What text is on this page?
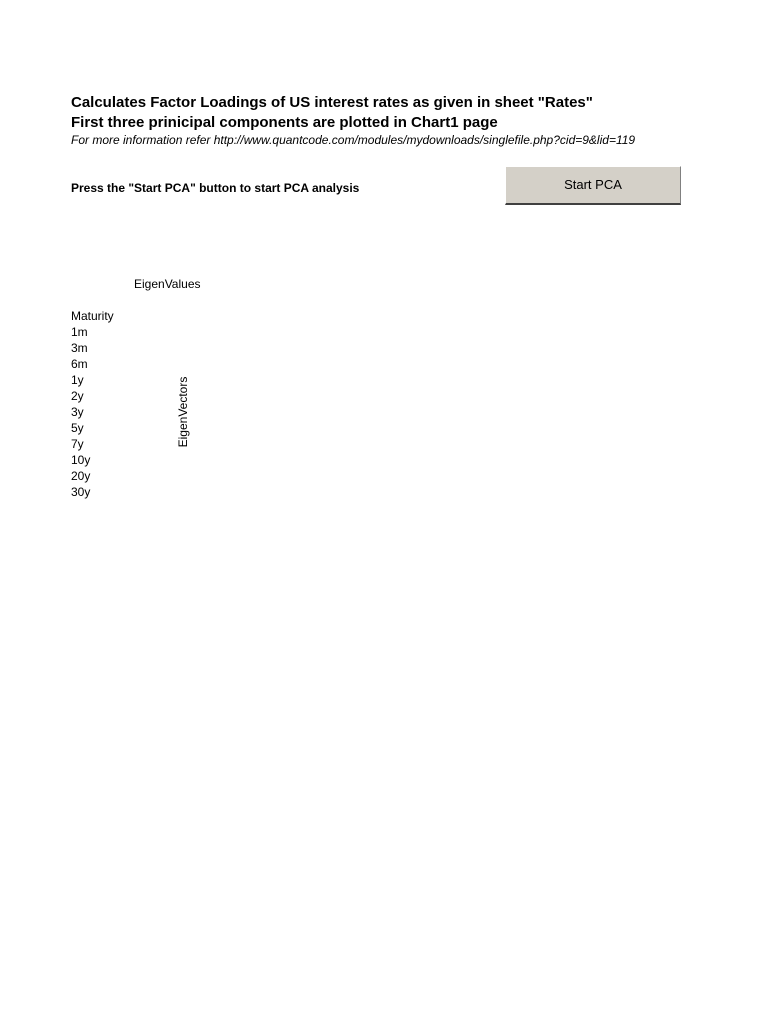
Calculates Factor Loadings of US interest rates as given in sheet "Rates"
First three prinicipal components are plotted in Chart1 page
For more information refer http://www.quantcode.com/modules/mydownloads/singlefile.php?cid=9&lid=119
Press the "Start PCA" button to start PCA analysis	Start PCA
EigenValues
Maturity
1m
3m
6m
1y
2y
3y
5y
7y
10y
20y
30y
EigenVectors
